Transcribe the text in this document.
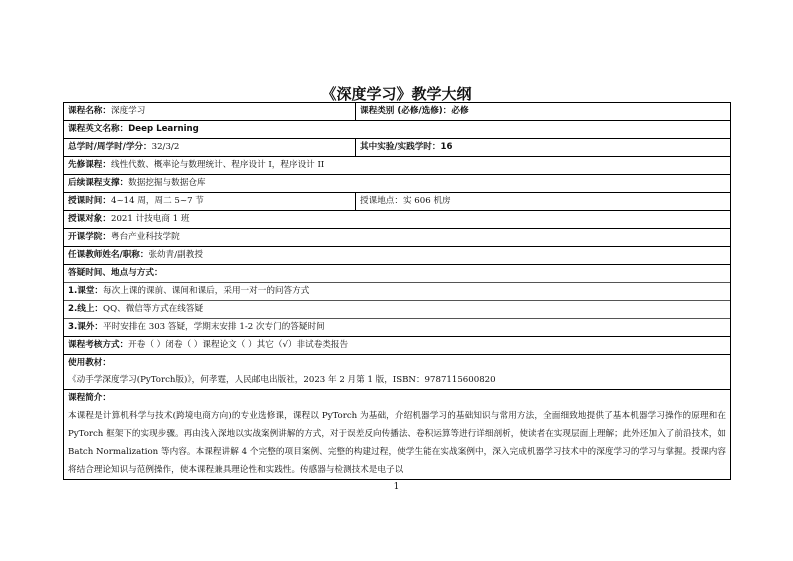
《深度学习》教学大纲
课程名称：深度学习	课程类别 (必修/选修)：必修
课程英文名称：Deep Learning
总学时/周学时/学分：32/3/2	其中实验/实践学时：16
先修课程：线性代数、概率论与数理统计、程序设计 I，程序设计 II
后续课程支撑：数据挖掘与数据仓库
授课时间：4~14 周，周二 5~7 节	授课地点：实 606 机房
授课对象：2021 计技电商 1 班
开课学院：粤台产业科技学院
任课教师姓名/职称：张幼青/副教授
答疑时间、地点与方式：
1.课堂：每次上课的课前、课间和课后，采用一对一的问答方式
2.线上：QQ、微信等方式在线答疑
3.课外：平时安排在 303 答疑，学期末安排 1-2 次专门的答疑时间
课程考核方式：开卷（ ）闭卷（ ）课程论文（ ）其它（√）非试卷类报告
使用教材：
《动手学深度学习(PyTorch版)》，何孝霆，人民邮电出版社，2023 年 2 月第 1 版，ISBN：9787115600820
课程简介：
本课程是计算机科学与技术(跨境电商方向)的专业选修课，课程以 PyTorch 为基础，介绍机器学习的基础知识与常用方法，全面细致地提供了基本机器学习操作的原理和在 PyTorch 框架下的实现步骤。再由浅入深地以实战案例讲解的方式，对于误差反向传播法、卷积运算等进行详细剖析，使读者在实现层面上理解；此外还加入了前沿技术，如 Batch Normalization 等内容。本课程讲解 4 个完整的项目案例、完整的构建过程，使学生能在实战案例中，深入完成机器学习技术中的深度学习的学习与掌握。授课内容将结合理论知识与范例操作，使本课程兼具理论性和实践性。传感器与检测技术是电子以
1
